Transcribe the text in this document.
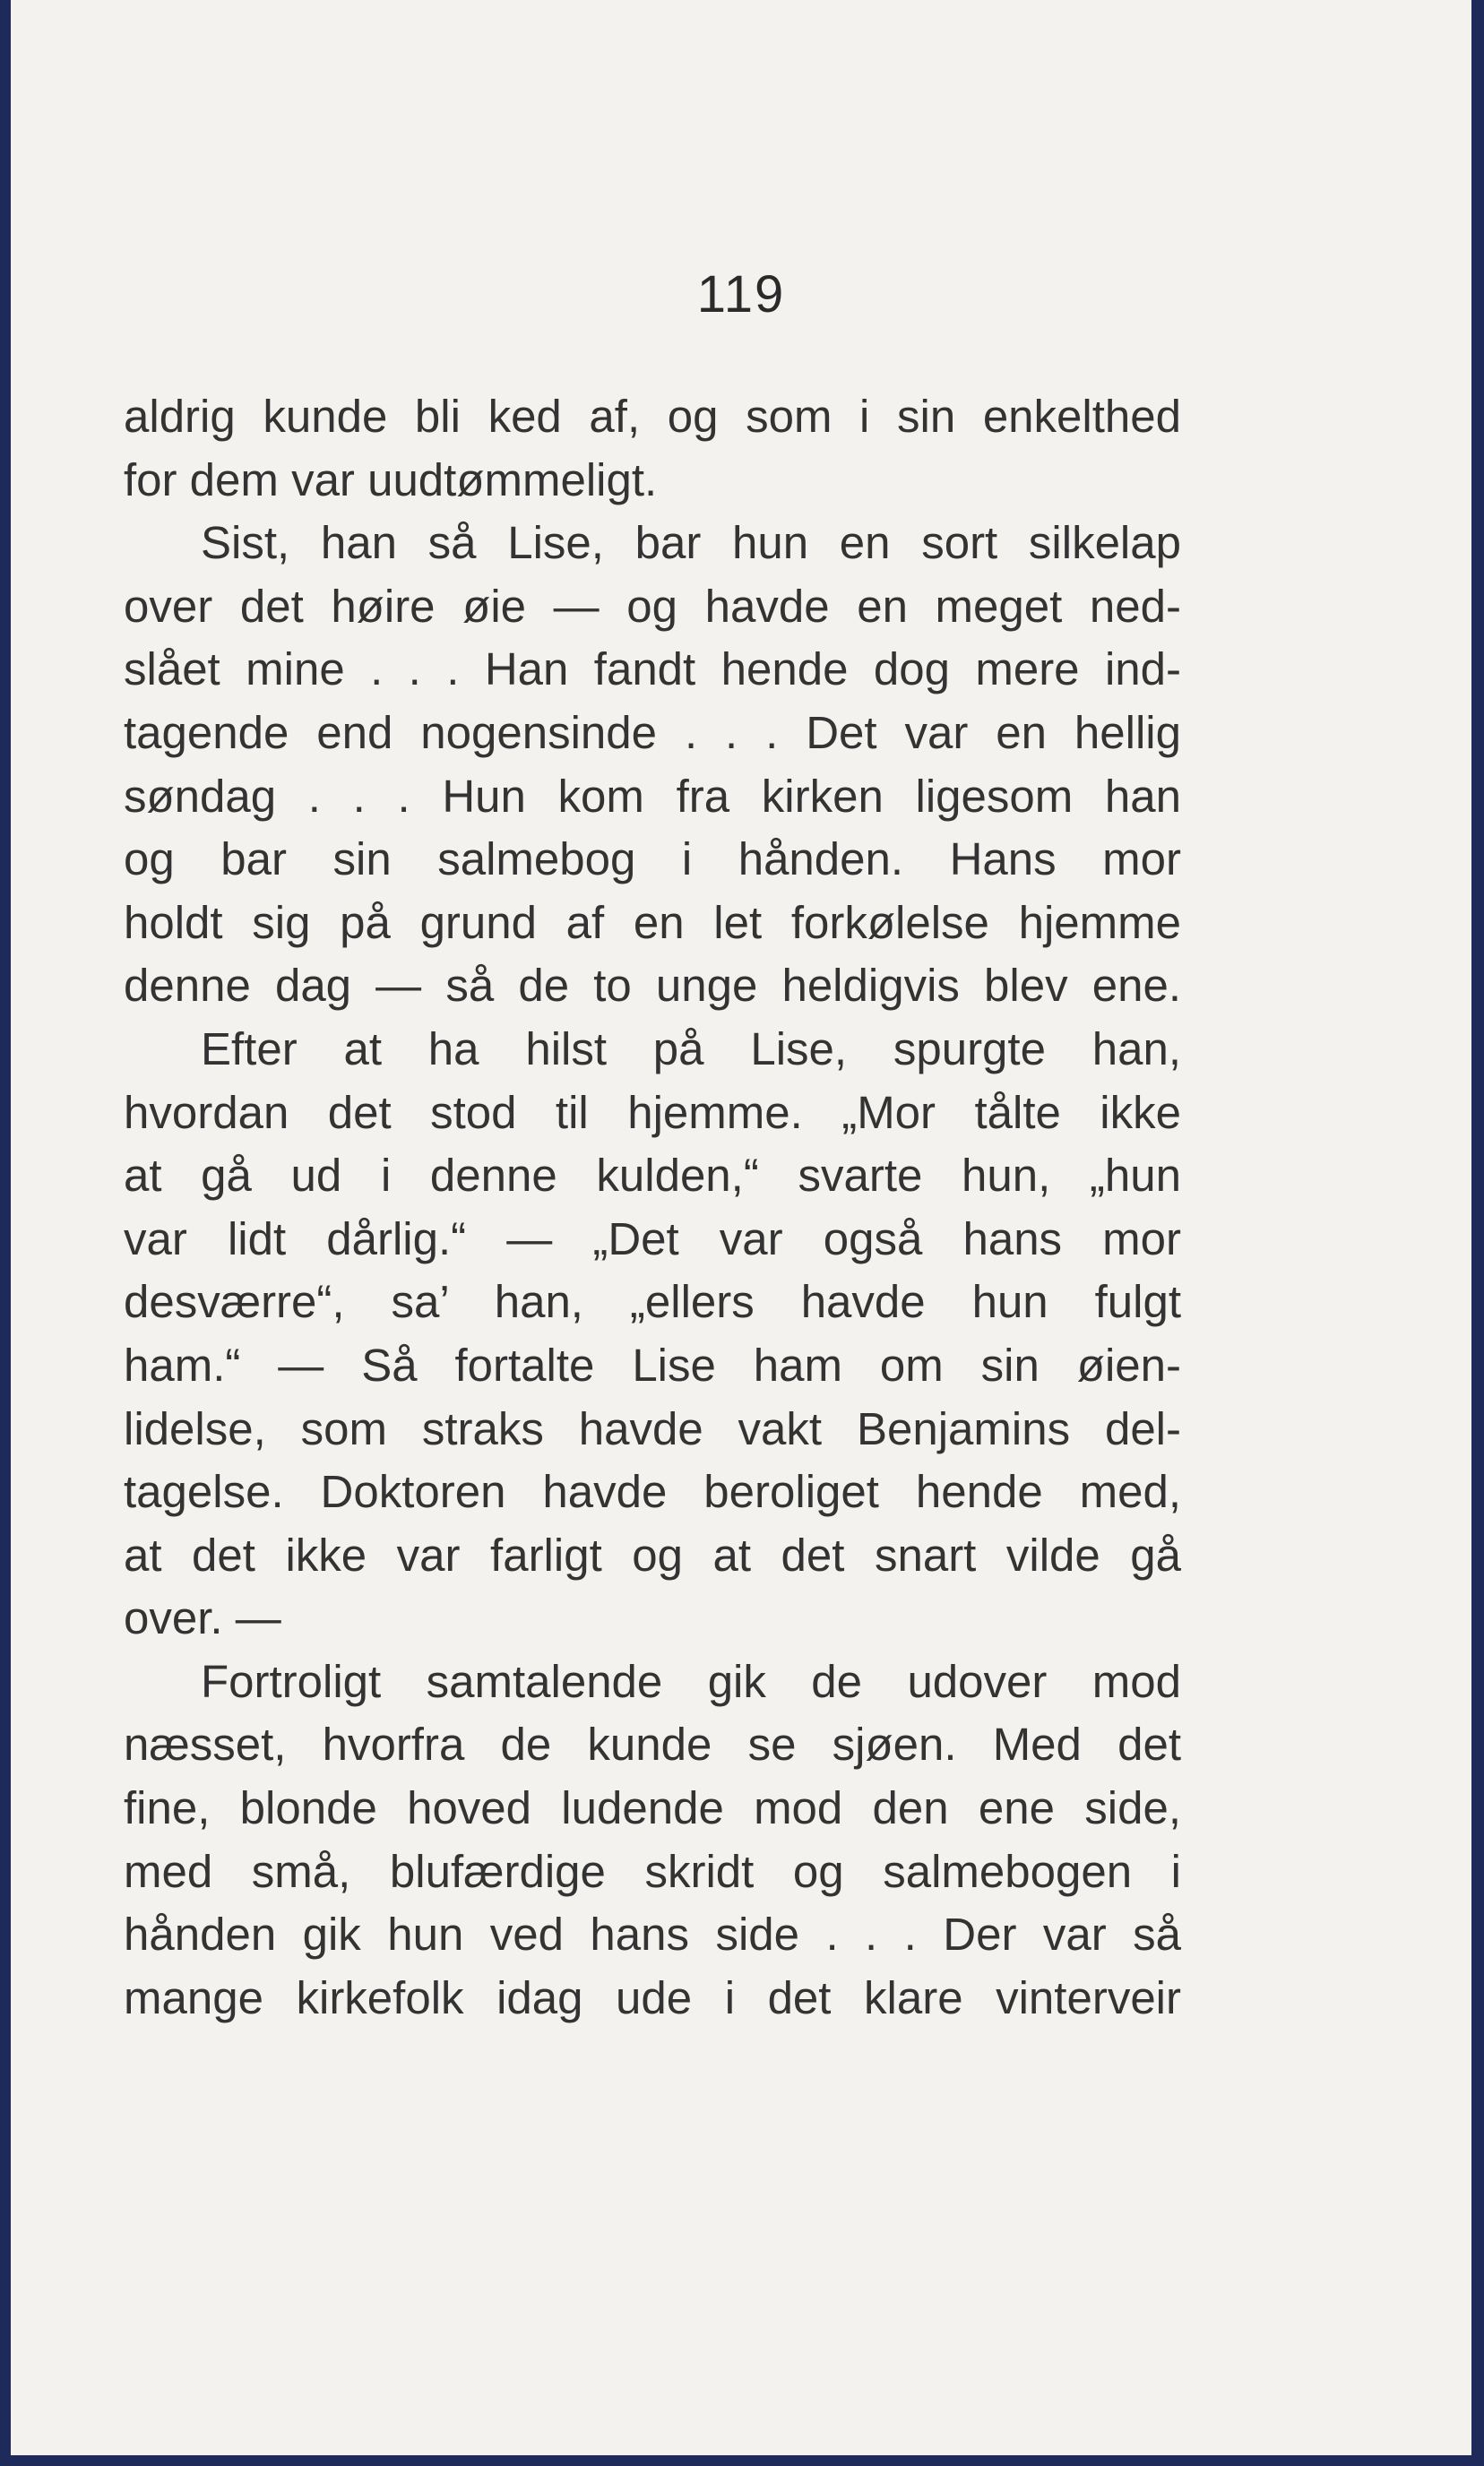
119
aldrig kunde bli ked af, og som i sin enkelthed
for dem var uudtømmeligt.
Sist, han så Lise, bar hun en sort silkelap
over det høire øie — og havde en meget ned-
slået mine . . . Han fandt hende dog mere ind-
tagende end nogensinde . . . Det var en hellig
søndag . . . Hun kom fra kirken ligesom han
og bar sin salmebog i hånden. Hans mor
holdt sig på grund af en let forkølelse hjemme
denne dag — så de to unge heldigvis blev ene.
Efter at ha hilst på Lise, spurgte han,
hvordan det stod til hjemme. „Mor tålte ikke
at gå ud i denne kulden,“ svarte hun, „hun
var lidt dårlig.“ — „Det var også hans mor
desværre“, sa’ han, „ellers havde hun fulgt
ham.“ — Så fortalte Lise ham om sin øien-
lidelse, som straks havde vakt Benjamins del-
tagelse. Doktoren havde beroliget hende med,
at det ikke var farligt og at det snart vilde gå
over. —
Fortroligt samtalende gik de udover mod
næsset, hvorfra de kunde se sjøen. Med det
fine, blonde hoved ludende mod den ene side,
med små, blufærdige skridt og salmebogen i
hånden gik hun ved hans side . . . Der var så
mange kirkefolk idag ude i det klare vinterveir
